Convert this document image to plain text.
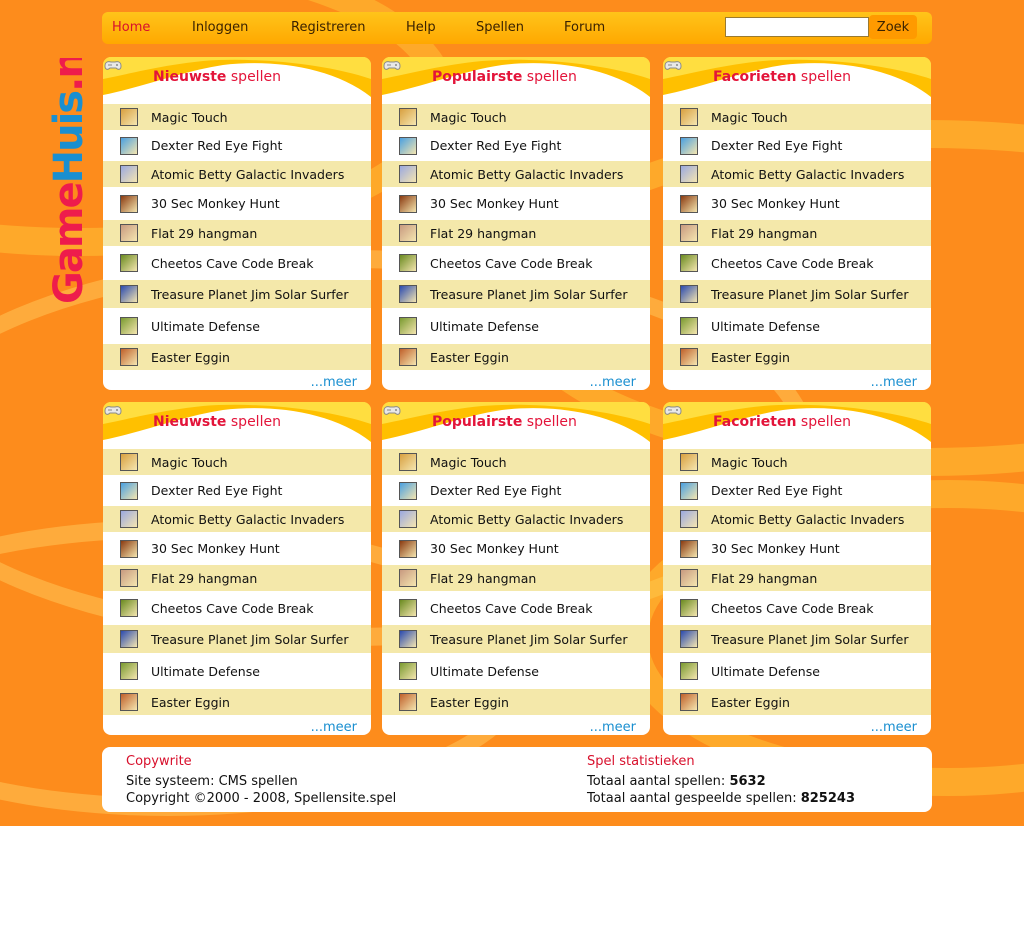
Home	Inloggen	Registreren	Help	Spellen	Forum	Zoek
GameHuis.nl	Nieuwste spellen
Magic Touch
Dexter Red Eye Fight
Atomic Betty Galactic Invaders
30 Sec Monkey Hunt
Flat 29 hangman
Cheetos Cave Code Break
Treasure Planet Jim Solar Surfer
Ultimate Defense
Easter Eggin
...meer
Populairste spellen
Magic Touch
Dexter Red Eye Fight
Atomic Betty Galactic Invaders
30 Sec Monkey Hunt
Flat 29 hangman
Cheetos Cave Code Break
Treasure Planet Jim Solar Surfer
Ultimate Defense
Easter Eggin
...meer
Facorieten spellen
Magic Touch
Dexter Red Eye Fight
Atomic Betty Galactic Invaders
30 Sec Monkey Hunt
Flat 29 hangman
Cheetos Cave Code Break
Treasure Planet Jim Solar Surfer
Ultimate Defense
Easter Eggin
...meer
Nieuwste spellen
Magic Touch
Dexter Red Eye Fight
Atomic Betty Galactic Invaders
30 Sec Monkey Hunt
Flat 29 hangman
Cheetos Cave Code Break
Treasure Planet Jim Solar Surfer
Ultimate Defense
Easter Eggin
...meer
Populairste spellen
Magic Touch
Dexter Red Eye Fight
Atomic Betty Galactic Invaders
30 Sec Monkey Hunt
Flat 29 hangman
Cheetos Cave Code Break
Treasure Planet Jim Solar Surfer
Ultimate Defense
Easter Eggin
...meer
Facorieten spellen
Magic Touch
Dexter Red Eye Fight
Atomic Betty Galactic Invaders
30 Sec Monkey Hunt
Flat 29 hangman
Cheetos Cave Code Break
Treasure Planet Jim Solar Surfer
Ultimate Defense
Easter Eggin
...meer
Copywrite
Site systeem: CMS spellen
Copyright ©2000 - 2008, Spellensite.spel
Spel statistieken
Totaal aantal spellen: 5632
Totaal aantal gespeelde spellen: 825243
